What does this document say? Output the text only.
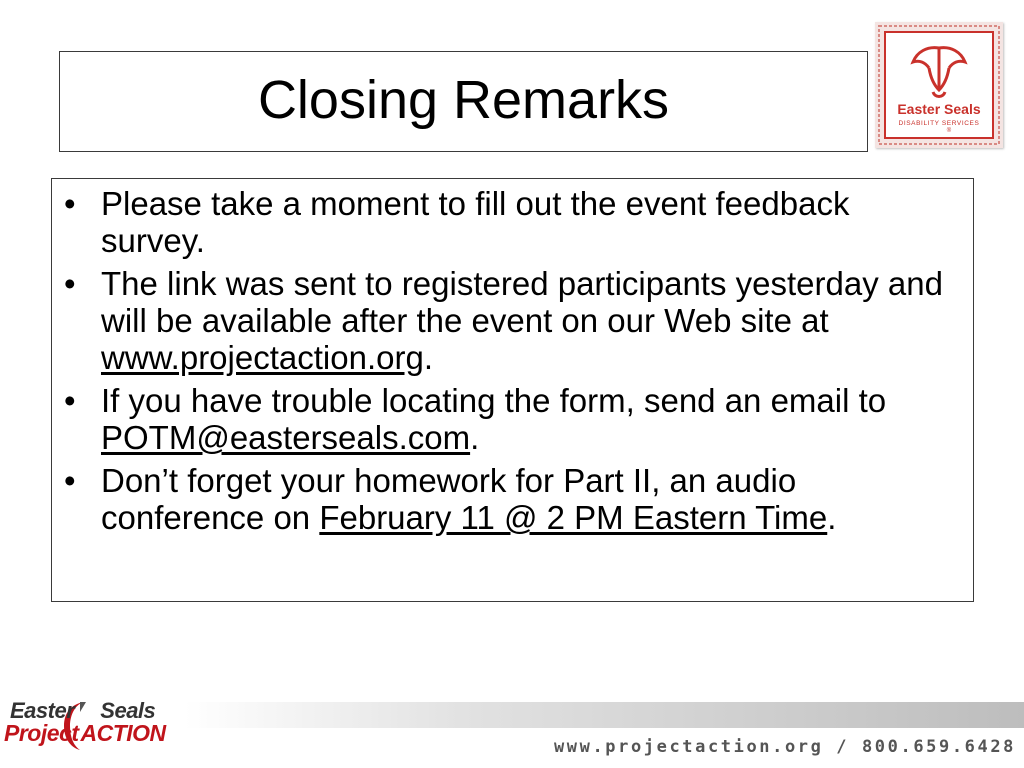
Closing Remarks	Easter Seals
DISABILITY SERVICES
®
• Please take a moment to fill out the event feedback survey.
• The link was sent to registered participants yesterday and will be available after the event on our Web site at www.projectaction.org.
• If you have trouble locating the form, send an email to POTM@easterseals.com.
• Don’t forget your homework for Part II, an audio conference on February 11 @ 2 PM Eastern Time.
Easter Seals
ProjectACTION
www.projectaction.org / 800.659.6428
